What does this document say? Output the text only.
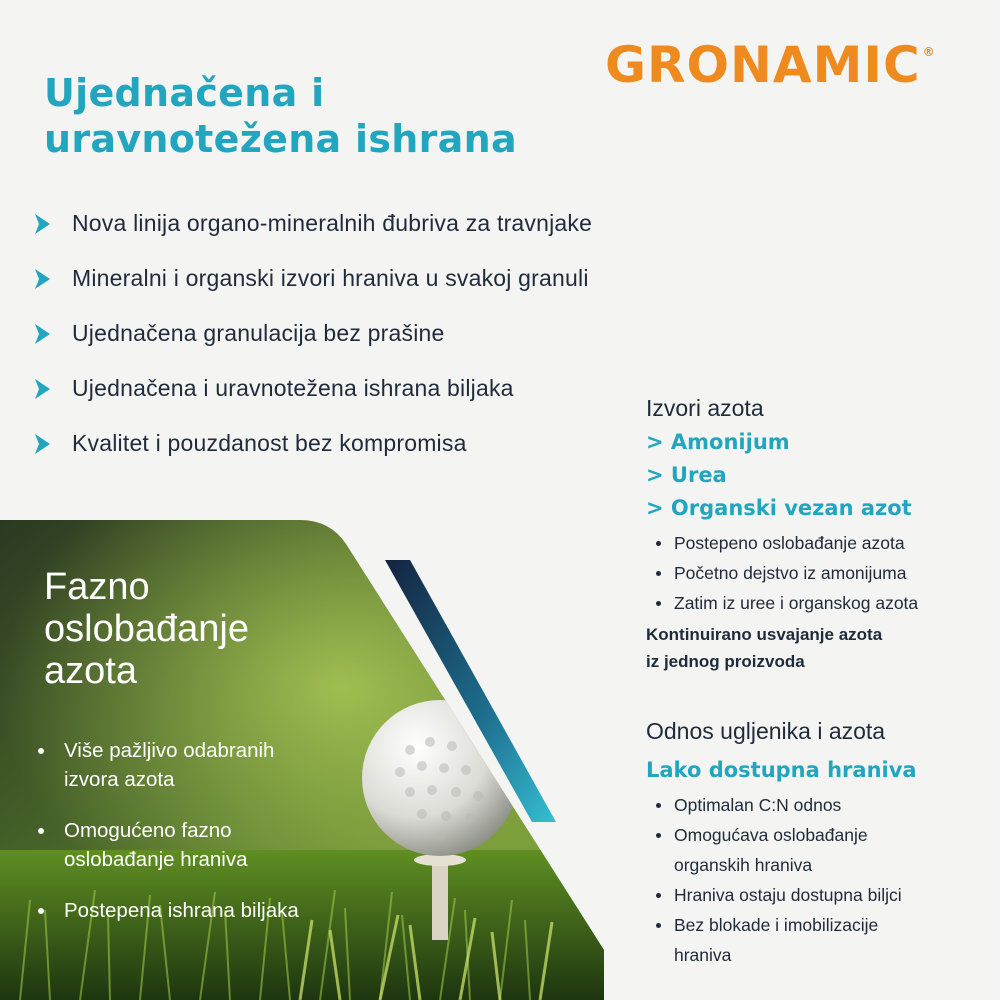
GRONAMIC ®
Ujednačena i
uravnotežena ishrana
Nova linija organo-mineralnih đubriva za travnjake
Mineralni i organski izvori hraniva u svakoj granuli
Ujednačena granulacija bez prašine
Ujednačena i uravnotežena ishrana biljaka
Kvalitet i pouzdanost bez kompromisa
Fazno
oslobađanje
azota
Više pažljivo odabranih
izvora azota
Omogućeno fazno
oslobađanje hraniva
Postepena ishrana biljaka
Izvori azota
> Amonijum
> Urea
> Organski vezan azot
Postepeno oslobađanje azota
Početno dejstvo iz amonijuma
Zatim iz uree i organskog azota
Kontinuirano usvajanje azota
iz jednog proizvoda
Odnos ugljenika i azota
Lako dostupna hraniva
Optimalan C:N odnos
Omogućava oslobađanje
organskih hraniva
Hraniva ostaju dostupna biljci
Bez blokade i imobilizacije
hraniva
